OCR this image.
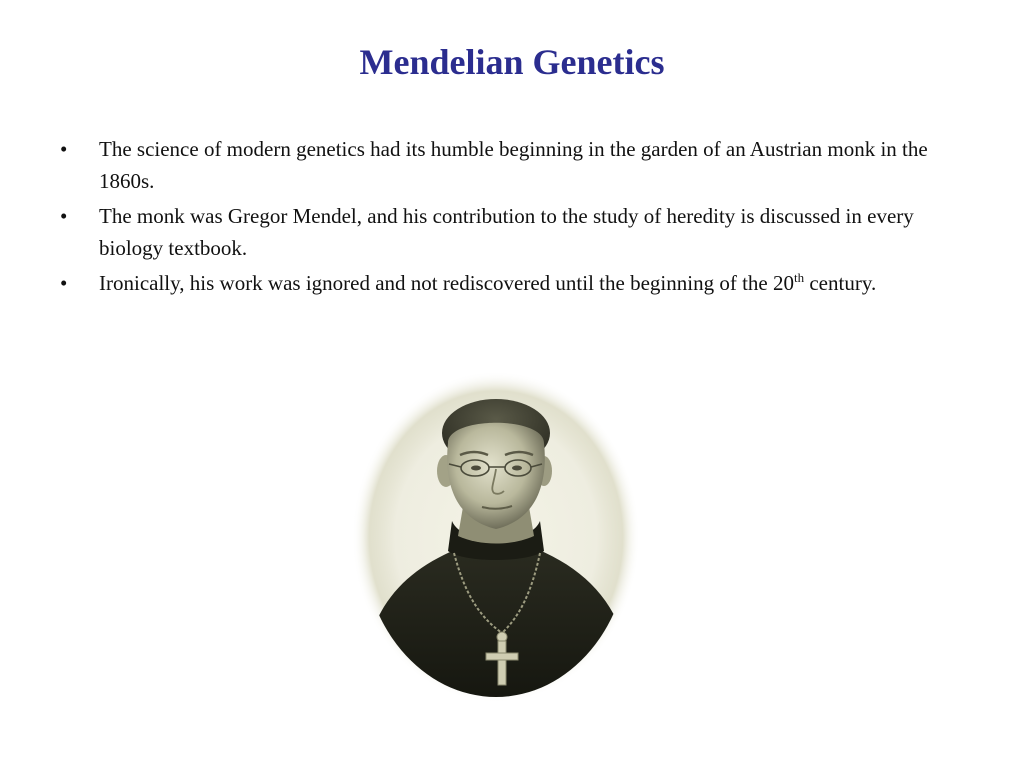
Mendelian Genetics
•	The science of modern genetics had its humble beginning in the garden of an Austrian monk in the 1860s.
•	The monk was Gregor Mendel, and his contribution to the study of heredity is discussed in every biology textbook.
•	Ironically, his work was ignored and not rediscovered until the beginning of the 20th century.
